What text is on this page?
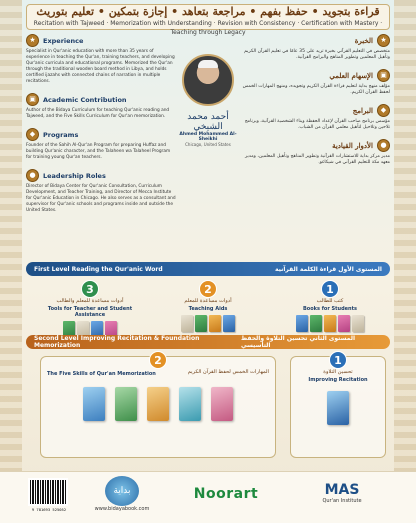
قراءة بتجويد • حفظ بفهم • مراجعة بتعاهد • إجازة بتمكين • تعليم بتوريث
Recitation with Tajweed · Memorization with Understanding · Revision with Consistency · Certification with Mastery · Teaching through Legacy
★	Experience
Specialist in Qur'anic education with more than 35 years of experience in teaching the Qur'an, training teachers, and developing Qur'anic curricula and educational programs. Memorized the Qur'an through the traditional wooden board method in Libya, and holds certified ijazahs with connected chains of narration in multiple recitations.
▣	Academic Contribution
Author of the Bidaya Curriculum for teaching Qur'anic reading and Tajweed, and the Five Skills Curriculum for Qur'an memorization.
◆	Programs
Founder of the Sahih Al-Qur'an Program for preparing Huffaz and building Qur'anic character, and the Talaheen wa Talaheel Program for training young Qur'an teachers.
●	Leadership Roles
Director of Bidaya Center for Qur'anic Consultation, Curriculum Development, and Teacher Training, and Director of Mecca Institute for Qur'anic Education in Chicago. He also serves as a consultant and supervisor for Qur'anic schools and programs inside and outside the United States.
أحمد محمد الشيخي
Ahmed Mohammed Al-Sheikhi
Chicago, United States
★
الخبرة
متخصص في التعليم القرآني بخبرة تزيد على 35 عامًا في تعليم القرآن الكريم وتأهيل المعلمين وتطوير المناهج والبرامج القرآنية.
▣
الإسهام العلمي
مؤلف منهج بداية لتعليم قراءة القرآن الكريم وتجويده، ومنهج المهارات الخمس لحفظ القرآن الكريم.
◆
البرامج
مؤسس برنامج صاحب القرآن لإعداد الحفظة وبناء الشخصية القرآنية، وبرنامج تلاحين وتلاحيل لتأهيل معلمي القرآن من الشباب.
●
الأدوار القيادية
مدير مركز بداية للاستشارات القرآنية وتطوير المناهج وتأهيل المعلمين، ومدير معهد مكة للتعليم القرآني في شيكاغو.
First Level Reading the Qur'anic Word	المستوى الأول قراءة الكلمة القرآنية
3
أدوات مساعدة للمعلم والطالب
Tools for Teacher and Student Assistance
2
أدوات مساعدة للمعلم
Teaching Aids
1
كتب للطالب
Books for Students
Second Level Improving Recitation & Foundation Memorization
المستوى الثاني تحسين التلاوة والحفظ التأسيسي
2
The Five Skills of Qur'an Memorization	المهارات الخمس لحفظ القرآن الكريم
1
تحسين التلاوة
Improving Recitation
9 781693 525052
بداية
www.bidayabook.com
Noorart	MAS
Qur'an Institute
